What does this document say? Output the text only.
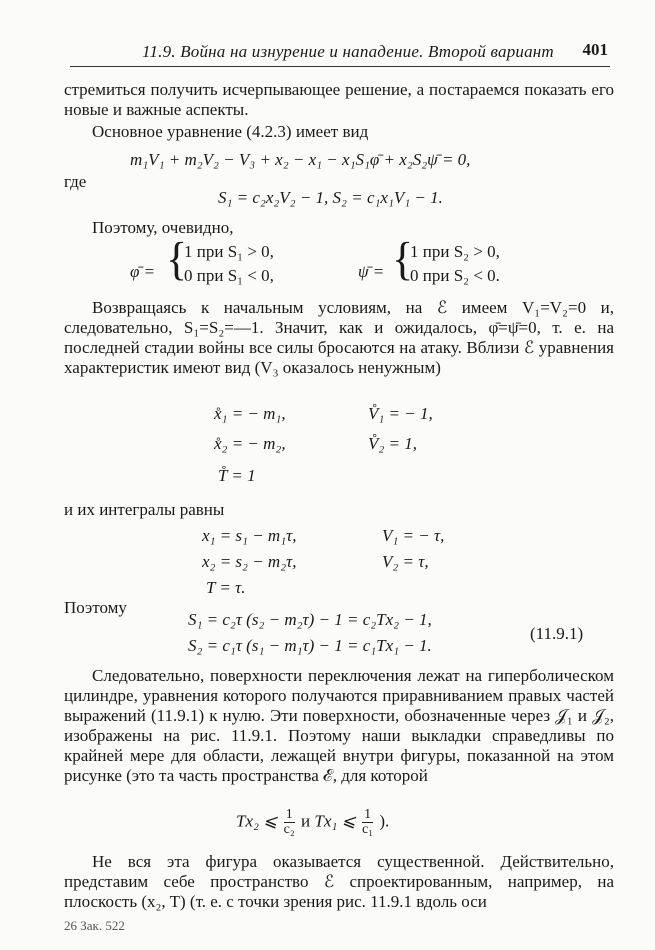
11.9. Война на изнурение и нападение. Второй вариант 401
стремиться получить исчерпывающее решение, а постараемся показать его новые и важные аспекты.
Основное уравнение (4.2.3) имеет вид
m₁V₁ + m₂V₂ − V₃ + x₂ − x₁ − x₁S₁φ̄ + x₂S₂ψ̄ = 0,
где
S₁ = c₂x₂V₂ − 1, S₂ = c₁x₁V₁ − 1.
Поэтому, очевидно,
φ̄ = {
1 при S₁ > 0,
0 при S₁ < 0,	ψ̄ = {
1 при S₂ > 0,
0 при S₂ < 0.
Возвращаясь к начальным условиям, на ℰ имеем V₁=V₂=0 и, следовательно, S₁=S₂=—1. Значит, как и ожидалось, φ̄=ψ̄=0, т. е. на последней стадии войны все силы бросаются на атаку. Вблизи ℰ уравнения характеристик имеют вид (V₃ оказалось ненужным)
x̊₁ = − m₁,	V̊₁ = − 1,
x̊₂ = − m₂,	V̊₂ = 1,
T̊ = 1
и их интегралы равны
x₁ = s₁ − m₁τ,	V₁ = − τ,
x₂ = s₂ − m₂τ,	V₂ = τ,
T = τ.
Поэтому
S₁ = c₂τ (s₂ − m₂τ) − 1 = c₂Tx₂ − 1,
S₂ = c₁τ (s₁ − m₁τ) − 1 = c₁Tx₁ − 1.
(11.9.1)
Следовательно, поверхности переключения лежат на гиперболическом цилиндре, уравнения которого получаются приравниванием правых частей выражений (11.9.1) к нулю. Эти поверхности, обозначенные через 𝒥₁ и 𝒥₂, изображены на рис. 11.9.1. Поэтому наши выкладки справедливы по крайней мере для области, лежащей внутри фигуры, показанной на этом рисунке (это та часть пространства ℰ, для которой
Tx₂ ⩽ $\frac{1}{\text{c₂}}$ и Tx₁ ⩽ $\frac{1}{\text{c₁}}$ ).
Не вся эта фигура оказывается существенной. Действительно, представим себе пространство ℰ спроектированным, например, на плоскость (x₂, T) (т. е. с точки зрения рис. 11.9.1 вдоль оси
26 Зак. 522
